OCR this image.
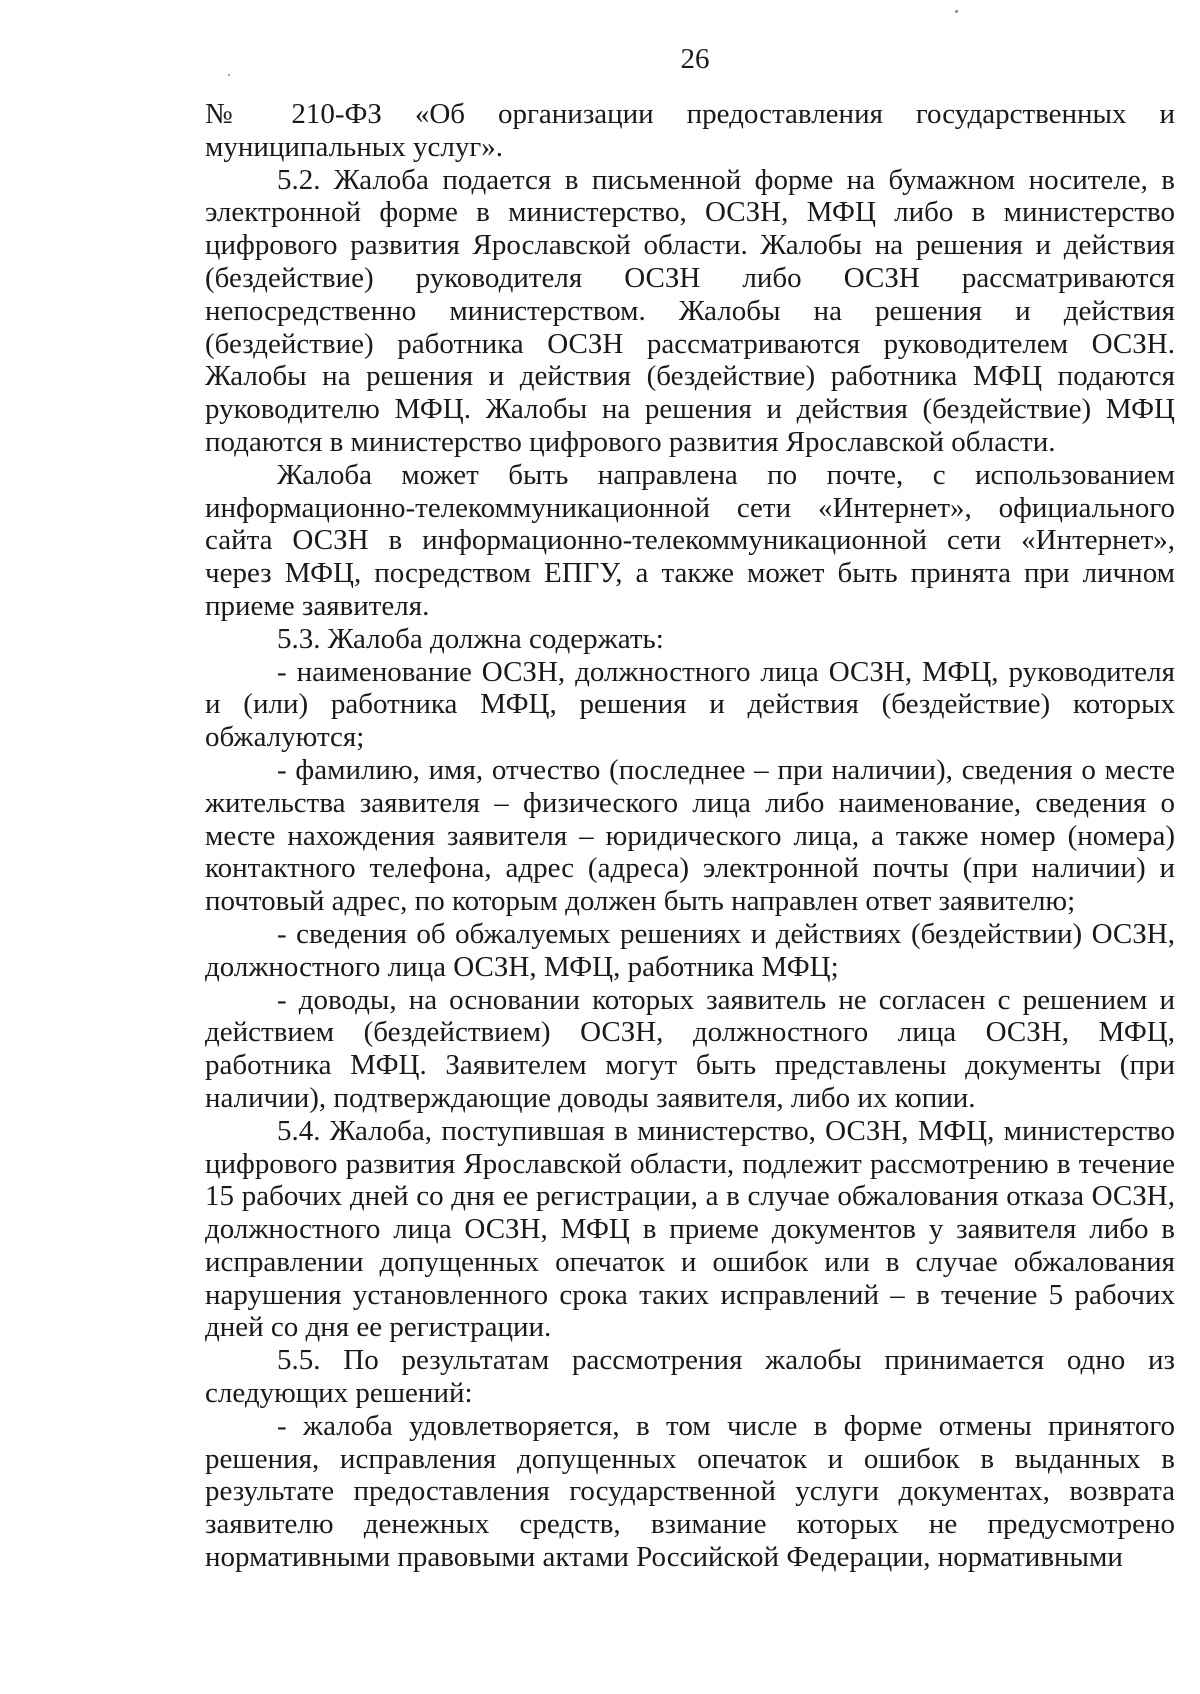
26

№ 210-ФЗ «Об организации предоставления государственных и муниципальных услуг».

5.2. Жалоба подается в письменной форме на бумажном носителе, в электронной форме в министерство, ОСЗН, МФЦ либо в министерство цифрового развития Ярославской области. Жалобы на решения и действия (бездействие) руководителя ОСЗН либо ОСЗН рассматриваются непосредственно министерством. Жалобы на решения и действия (бездействие) работника ОСЗН рассматриваются руководителем ОСЗН. Жалобы на решения и действия (бездействие) работника МФЦ подаются руководителю МФЦ. Жалобы на решения и действия (бездействие) МФЦ подаются в министерство цифрового развития Ярославской области.

Жалоба может быть направлена по почте, с использованием информационно-телекоммуникационной сети «Интернет», официального сайта ОСЗН в информационно-телекоммуникационной сети «Интернет», через МФЦ, посредством ЕПГУ, а также может быть принята при личном приеме заявителя.

5.3. Жалоба должна содержать:

- наименование ОСЗН, должностного лица ОСЗН, МФЦ, руководителя и (или) работника МФЦ, решения и действия (бездействие) которых обжалуются;

- фамилию, имя, отчество (последнее – при наличии), сведения о месте жительства заявителя – физического лица либо наименование, сведения о месте нахождения заявителя – юридического лица, а также номер (номера) контактного телефона, адрес (адреса) электронной почты (при наличии) и почтовый адрес, по которым должен быть направлен ответ заявителю;

- сведения об обжалуемых решениях и действиях (бездействии) ОСЗН, должностного лица ОСЗН, МФЦ, работника МФЦ;

- доводы, на основании которых заявитель не согласен с решением и действием (бездействием) ОСЗН, должностного лица ОСЗН, МФЦ, работника МФЦ. Заявителем могут быть представлены документы (при наличии), подтверждающие доводы заявителя, либо их копии.

5.4. Жалоба, поступившая в министерство, ОСЗН, МФЦ, министерство цифрового развития Ярославской области, подлежит рассмотрению в течение 15 рабочих дней со дня ее регистрации, а в случае обжалования отказа ОСЗН, должностного лица ОСЗН, МФЦ в приеме документов у заявителя либо в исправлении допущенных опечаток и ошибок или в случае обжалования нарушения установленного срока таких исправлений – в течение 5 рабочих дней со дня ее регистрации.

5.5. По результатам рассмотрения жалобы принимается одно из следующих решений:

- жалоба удовлетворяется, в том числе в форме отмены принятого решения, исправления допущенных опечаток и ошибок в выданных в результате предоставления государственной услуги документах, возврата заявителю денежных средств, взимание которых не предусмотрено нормативными правовыми актами Российской Федерации, нормативными
